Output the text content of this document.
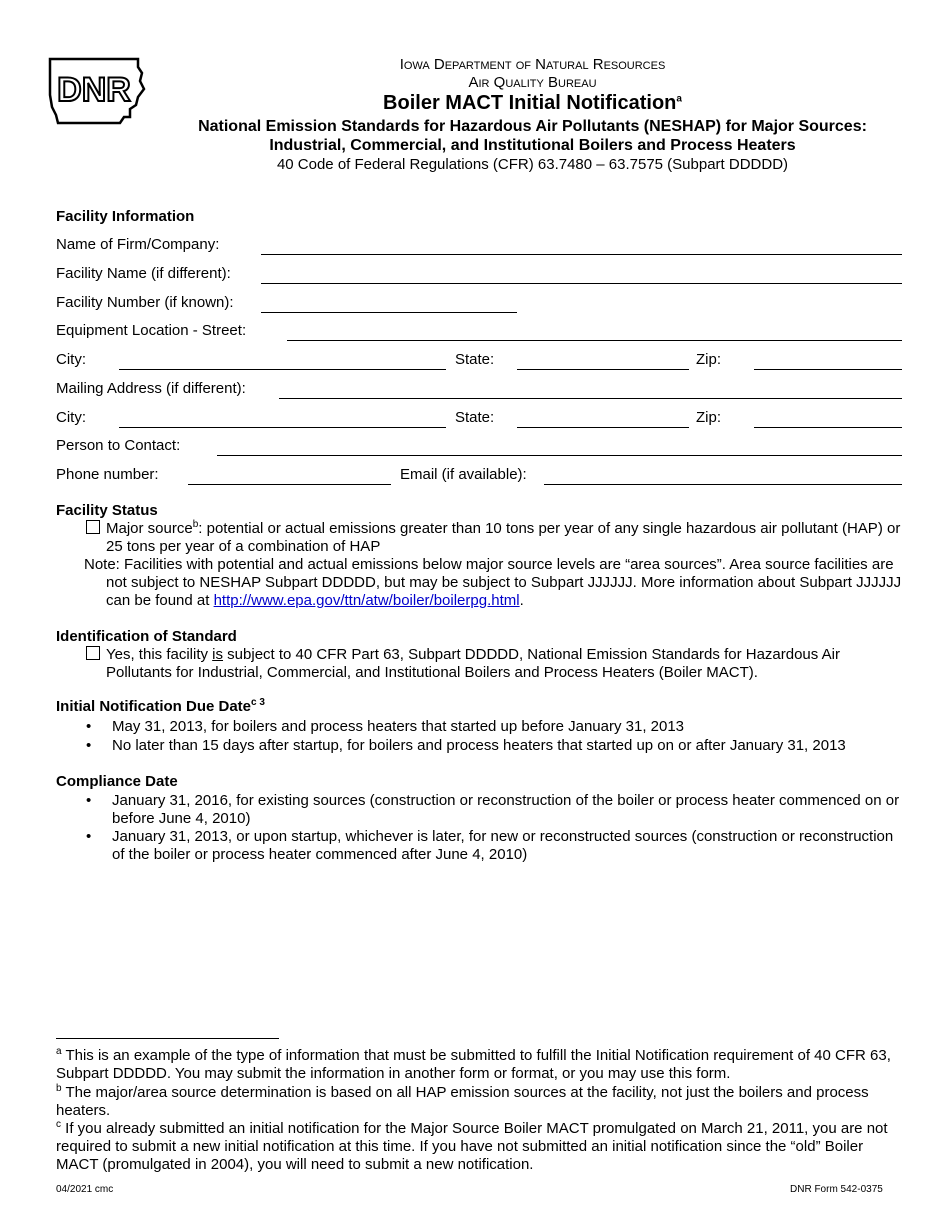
DNR
Iowa Department of Natural Resources
Air Quality Bureau
Boiler MACT Initial Notification$^a$
National Emission Standards for Hazardous Air Pollutants (NESHAP) for Major Sources:
Industrial, Commercial, and Institutional Boilers and Process Heaters
40 Code of Federal Regulations (CFR) 63.7480 – 63.7575 (Subpart DDDDD)
Facility Information
Name of Firm/Company:
Facility Name (if different):
Facility Number (if known):
Equipment Location - Street:
City:	State:	Zip:
Mailing Address (if different):
City:	State:	Zip:
Person to Contact:
Phone number:	Email (if available):
Facility Status
Major source$^b$: potential or actual emissions greater than 10 tons per year of any single hazardous air pollutant (HAP) or 25 tons per year of a combination of HAP
Note: Facilities with potential and actual emissions below major source levels are “area sources”. Area source facilities are not subject to NESHAP Subpart DDDDD, but may be subject to Subpart JJJJJJ. More information about Subpart JJJJJJ can be found at http://www.epa.gov/ttn/atw/boiler/boilerpg.html.
Identification of Standard
Yes, this facility is subject to 40 CFR Part 63, Subpart DDDDD, National Emission Standards for Hazardous Air Pollutants for Industrial, Commercial, and Institutional Boilers and Process Heaters (Boiler MACT).
Initial Notification Due Date$^{c 3}$
• May 31, 2013, for boilers and process heaters that started up before January 31, 2013
• No later than 15 days after startup, for boilers and process heaters that started up on or after January 31, 2013
Compliance Date
• January 31, 2016, for existing sources (construction or reconstruction of the boiler or process heater commenced on or before June 4, 2010)
• January 31, 2013, or upon startup, whichever is later, for new or reconstructed sources (construction or reconstruction of the boiler or process heater commenced after June 4, 2010)
$^a$ This is an example of the type of information that must be submitted to fulfill the Initial Notification requirement of 40 CFR 63, Subpart DDDDD. You may submit the information in another form or format, or you may use this form.
$^b$ The major/area source determination is based on all HAP emission sources at the facility, not just the boilers and process heaters.
$^c$ If you already submitted an initial notification for the Major Source Boiler MACT promulgated on March 21, 2011, you are not required to submit a new initial notification at this time. If you have not submitted an initial notification since the “old” Boiler MACT (promulgated in 2004), you will need to submit a new notification.
04/2021 cmc	DNR Form 542-0375
